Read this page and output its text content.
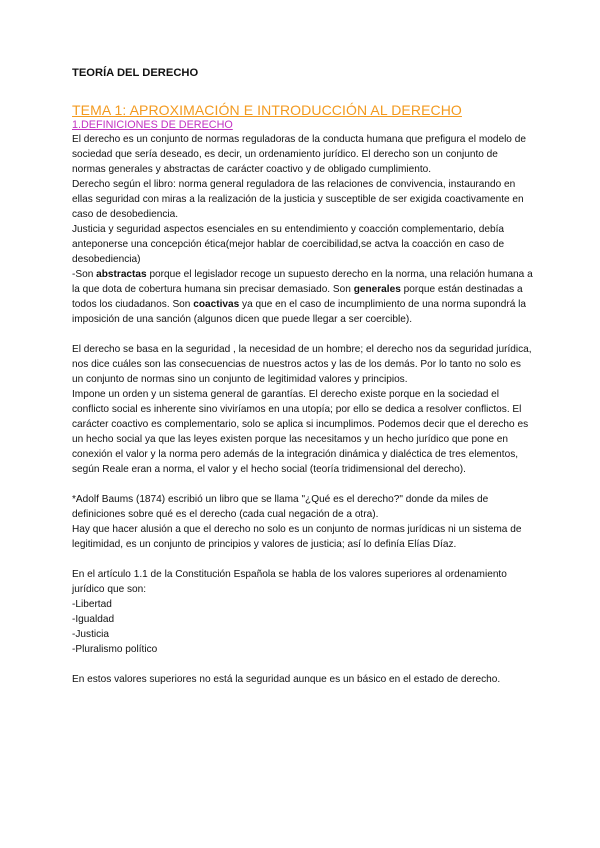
TEORÍA DEL DERECHO
TEMA 1: APROXIMACIÓN E INTRODUCCIÓN AL DERECHO
1.DEFINICIONES DE DERECHO

El derecho es un conjunto de normas reguladoras de la conducta humana que prefigura el modelo de sociedad que sería deseado, es decir, un ordenamiento jurídico. El derecho son un conjunto de normas generales y abstractas de carácter coactivo y de obligado cumplimiento.

Derecho según el libro: norma general reguladora de las relaciones de convivencia, instaurando en ellas seguridad con miras a la realización de la justicia y susceptible de ser exigida coactivamente en caso de desobediencia.

Justicia y seguridad aspectos esenciales en su entendimiento y coacción complementario, debía anteponerse una concepción ética(mejor hablar de coercibilidad,se actva la coacción en caso de desobediencia)

-Son abstractas porque el legislador recoge un supuesto derecho en la norma, una relación humana a la que dota de cobertura humana sin precisar demasiado. Son generales porque están destinadas a todos los ciudadanos. Son coactivas ya que en el caso de incumplimiento de una norma supondrá la imposición de una sanción (algunos dicen que puede llegar a ser coercible).

El derecho se basa en la seguridad , la necesidad de un hombre; el derecho nos da seguridad jurídica, nos dice cuáles son las consecuencias de nuestros actos y las de los demás. Por lo tanto no solo es un conjunto de normas sino un conjunto de legitimidad valores y principios.

Impone un orden y un sistema general de garantías. El derecho existe porque en la sociedad el conflicto social es inherente sino viviríamos en una utopía; por ello se dedica a resolver conflictos. El carácter coactivo es complementario, solo se aplica si incumplimos. Podemos decir que el derecho es un hecho social ya que las leyes existen porque las necesitamos y un hecho jurídico que pone en conexión el valor y la norma pero además de la integración dinámica y dialéctica de tres elementos, según Reale eran a norma, el valor y el hecho social (teoría tridimensional del derecho).

*Adolf Baums (1874) escribió un libro que se llama "¿Qué es el derecho?" donde da miles de definiciones sobre qué es el derecho (cada cual negación de a otra).

Hay que hacer alusión a que el derecho no solo es un conjunto de normas jurídicas ni un sistema de legitimidad, es un conjunto de principios y valores de justicia; así lo definía Elías Díaz.

En el artículo 1.1 de la Constitución Española se habla de los valores superiores al ordenamiento jurídico que son:

-Libertad

-Igualdad

-Justicia

-Pluralismo político

En estos valores superiores no está la seguridad aunque es un básico en el estado de derecho.
